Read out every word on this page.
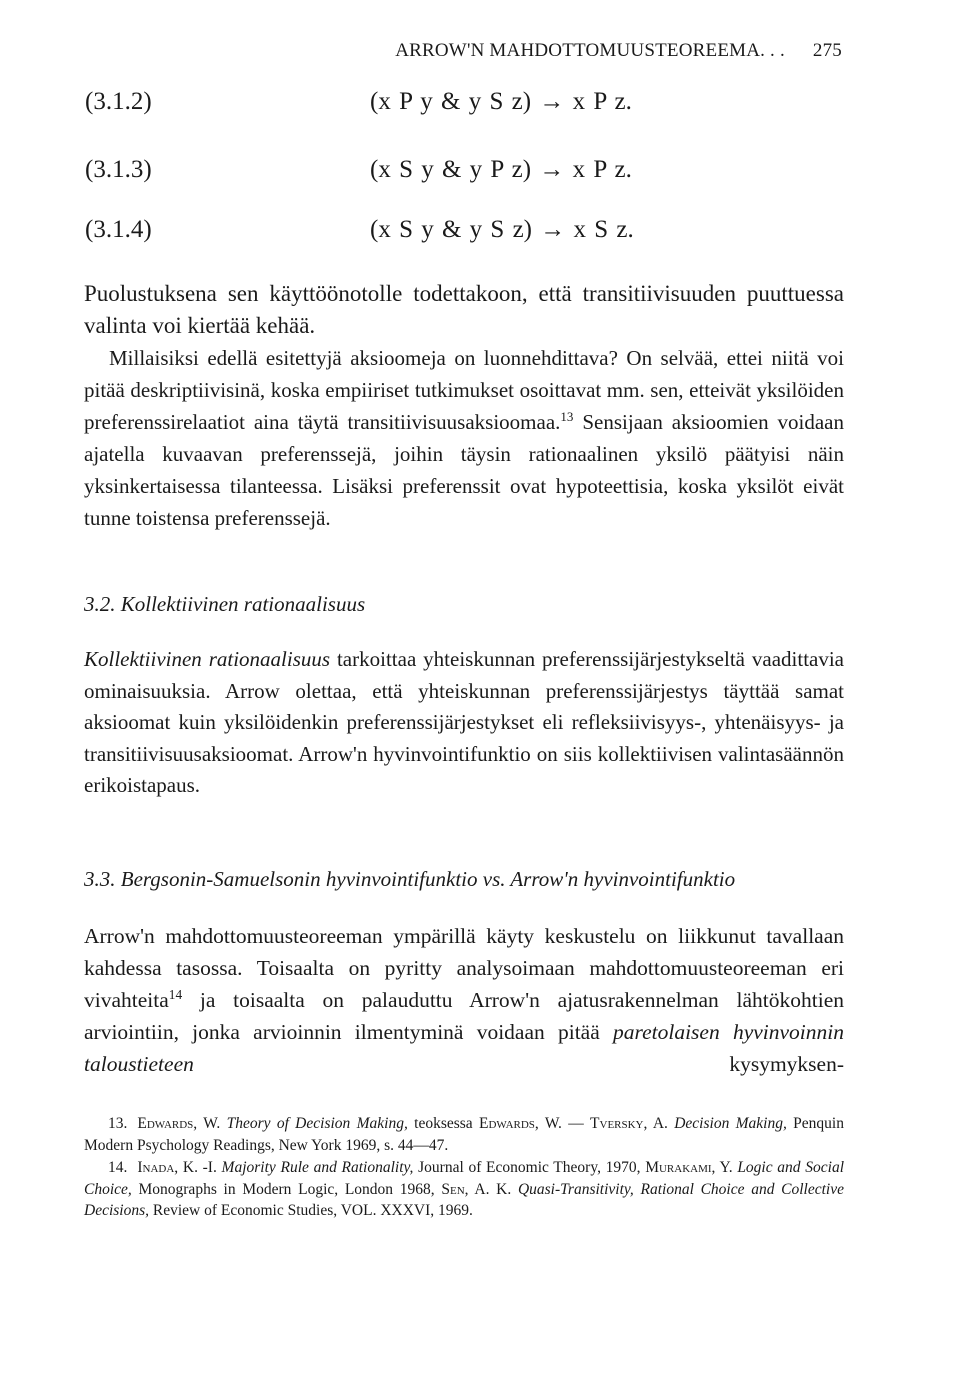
ARROW'N MAHDOTTOMUUSTEOREEMA. . . 275
(3.1.2)	(x P y & y S z) → x P z.
(3.1.3)	(x S y & y P z) → x P z.
(3.1.4)	(x S y & y S z) → x S z.
Puolustuksena sen käyttöönotolle todettakoon, että transitiivisuuden puuttuessa valinta voi kiertää kehää.
Millaisiksi edellä esitettyjä aksioomeja on luonnehdittava? On selvää, ettei niitä voi pitää deskriptiivisinä, koska empiiriset tutkimukset osoittavat mm. sen, etteivät yksilöiden preferenssirelaatiot aina täytä transitiivisuusaksioomaa.$^{13}$ Sensijaan aksioomien voidaan ajatella kuvaavan preferenssejä, joihin täysin rationaalinen yksilö päätyisi näin yksinkertaisessa tilanteessa. Lisäksi preferenssit ovat hypoteettisia, koska yksilöt eivät tunne toistensa preferenssejä.
3.2. Kollektiivinen rationaalisuus
Kollektiivinen rationaalisuus tarkoittaa yhteiskunnan preferenssijärjestykseltä vaadittavia ominaisuuksia. Arrow olettaa, että yhteiskunnan preferenssijärjestys täyttää samat aksioomat kuin yksilöidenkin preferenssijärjestykset eli refleksiivisyys-, yhtenäisyys- ja transitiivisuusaksioomat. Arrow'n hyvinvointifunktio on siis kollektiivisen valintasäännön erikoistapaus.
3.3. Bergsonin-Samuelsonin hyvinvointifunktio vs. Arrow'n hyvinvointifunktio
Arrow'n mahdottomuusteoreeman ympärillä käyty keskustelu on liikkunut tavallaan kahdessa tasossa. Toisaalta on pyritty analysoimaan mahdottomuusteoreeman eri vivahteita$^{14}$ ja toisaalta on palauduttu Arrow'n ajatusrakennelman lähtökohtien arviointiin, jonka arvioinnin ilmentyminä voidaan pitää paretolaisen hyvinvoinnin taloustieteen kysymyksen-
13. Edwards, W. Theory of Decision Making, teoksessa Edwards, W. — Tversky, A. Decision Making, Penquin Modern Psychology Readings, New York 1969, s. 44—47.
14. Inada, K. -I. Majority Rule and Rationality, Journal of Economic Theory, 1970, Murakami, Y. Logic and Social Choice, Monographs in Modern Logic, London 1968, Sen, A. K. Quasi-Transitivity, Rational Choice and Collective Decisions, Review of Economic Studies, VOL. XXXVI, 1969.
